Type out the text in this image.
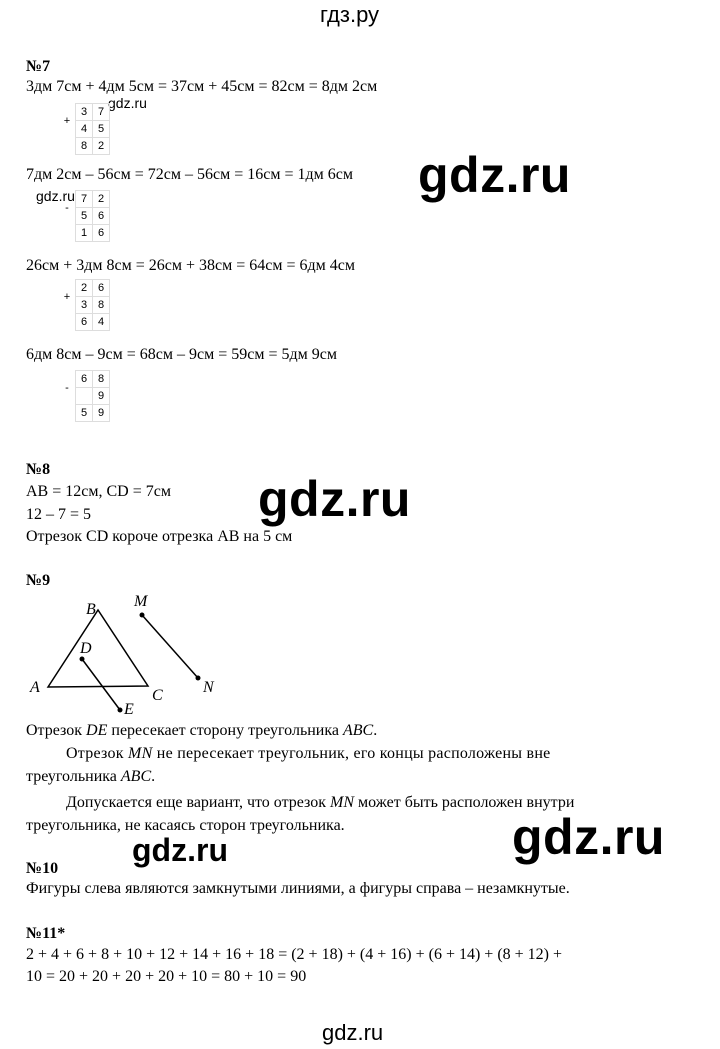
гдз.ру
№7
3дм 7см + 4дм 5см = 37см + 45см = 82см = 8дм 2см
gdz.ru
+	3	7
	4	5
	8	2
7дм 2см – 56см = 72см – 56см = 16см = 1дм 6см gdz.ru
gdz.ru
-	7	2
	5	6
	1	6
26см + 3дм 8см = 26см + 38см = 64см = 6дм 4см
+	2	6
	3	8
	6	4
6дм 8см – 9см = 68см – 9см = 59см = 5дм 9см
-	6	8
		9
	5	9
№8
AB = 12см, CD = 7см
12 – 7 = 5
Отрезок CD короче отрезка AB на 5 см
gdz.ru
№9
A
B
C
D
E
M
N
Отрезок DE пересекает сторону треугольника ABC.
Отрезок MN не пересекает треугольник, его концы расположены вне
треугольника ABC.
Допускается еще вариант, что отрезок MN может быть расположен внутри
треугольника, не касаясь сторон треугольника.	gdz.ru
gdz.ru
№10
Фигуры слева являются замкнутыми линиями, а фигуры справа – незамкнутые.
№11*
2 + 4 + 6 + 8 + 10 + 12 + 14 + 16 + 18 = (2 + 18) + (4 + 16) + (6 + 14) + (8 + 12) +
10 = 20 + 20 + 20 + 20 + 10 = 80 + 10 = 90
gdz.ru
